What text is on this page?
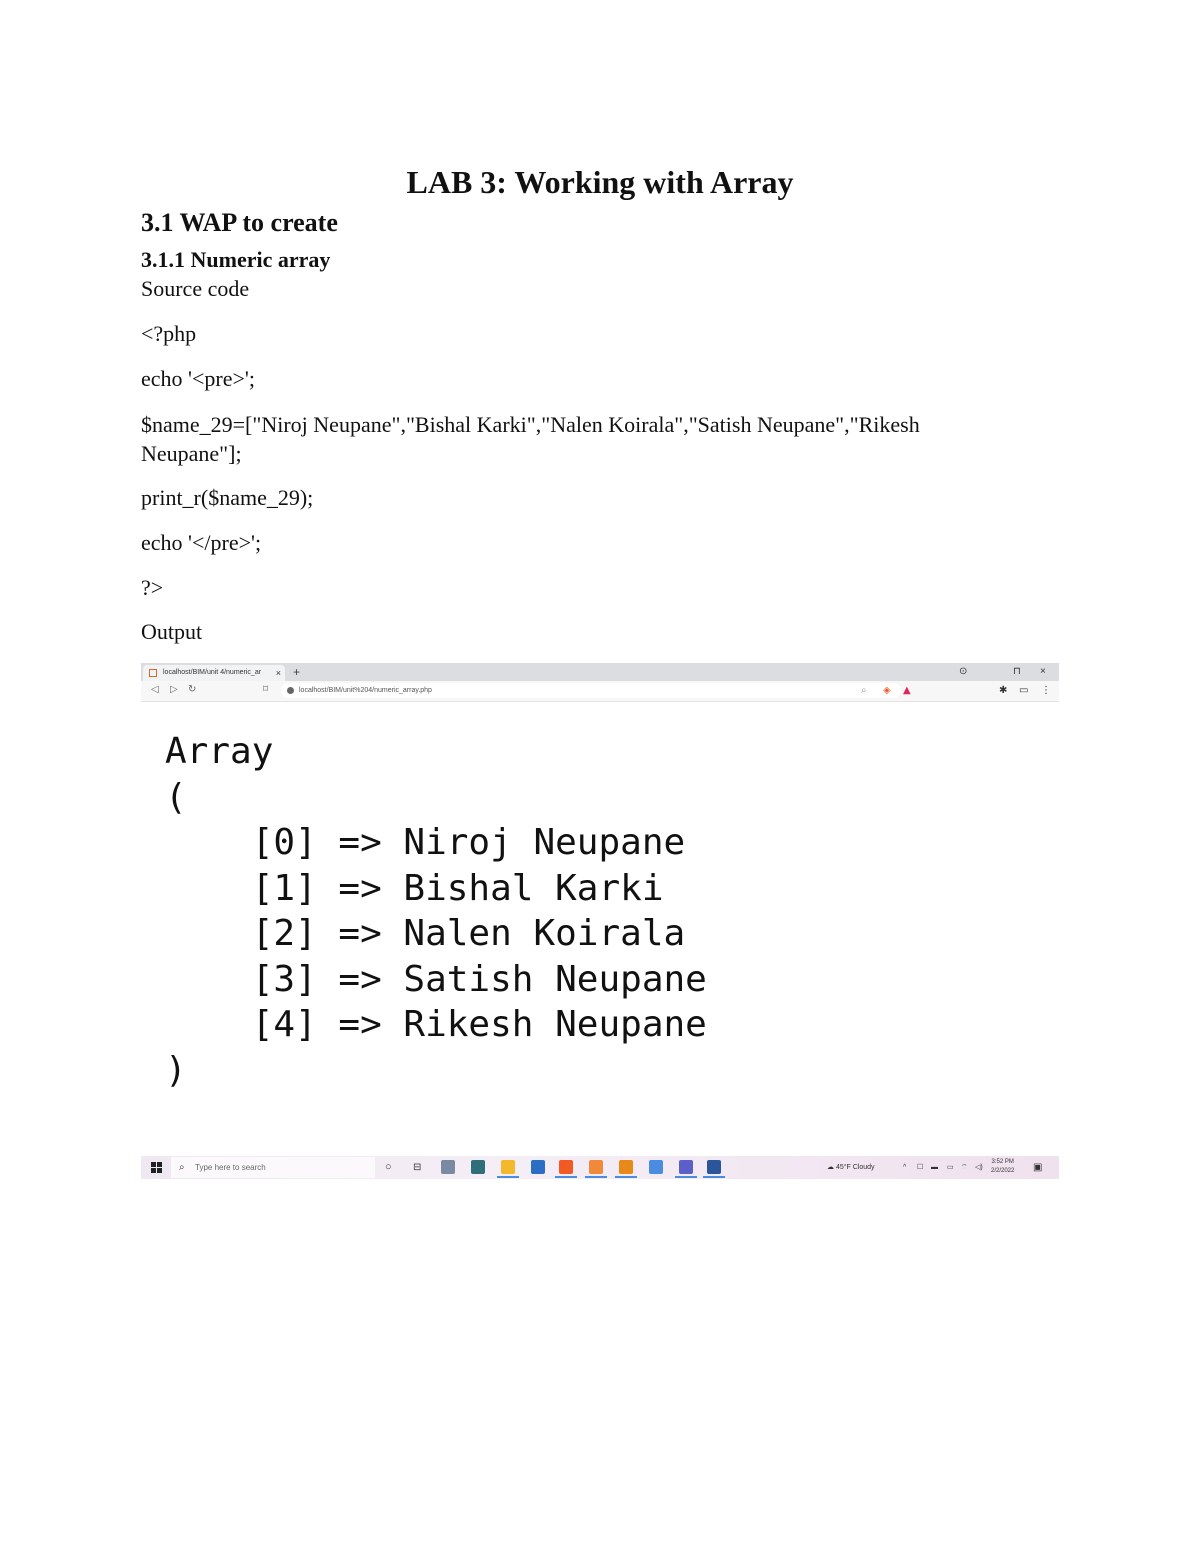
LAB 3: Working with Array
3.1 WAP to create
3.1.1 Numeric array
Source code
<?php
echo '<pre>';
$name_29=["Niroj Neupane","Bishal Karki","Nalen Koirala","Satish Neupane","Rikesh Neupane"];
print_r($name_29);
echo '</pre>';
?>
Output
localhost/BIM/unit 4/numeric_ar × +	⊙	⊓ ×
◁ ▷ ↻	⌑	localhost/BIM/unit%204/numeric_array.php	⌕ ◈ ▲	✱ ▭ ⋮
Array
(
[0] => Niroj Neupane
[1] => Bishal Karki
[2] => Nalen Koirala
[3] => Satish Neupane
[4] => Rikesh Neupane
)
⌕ Type here to search	○ ⊟	☁ 45°F Cloudy	^ ☐ ▬ ▭ ⌔ ◁)
3:52 PM
2/2/2022 ▣
